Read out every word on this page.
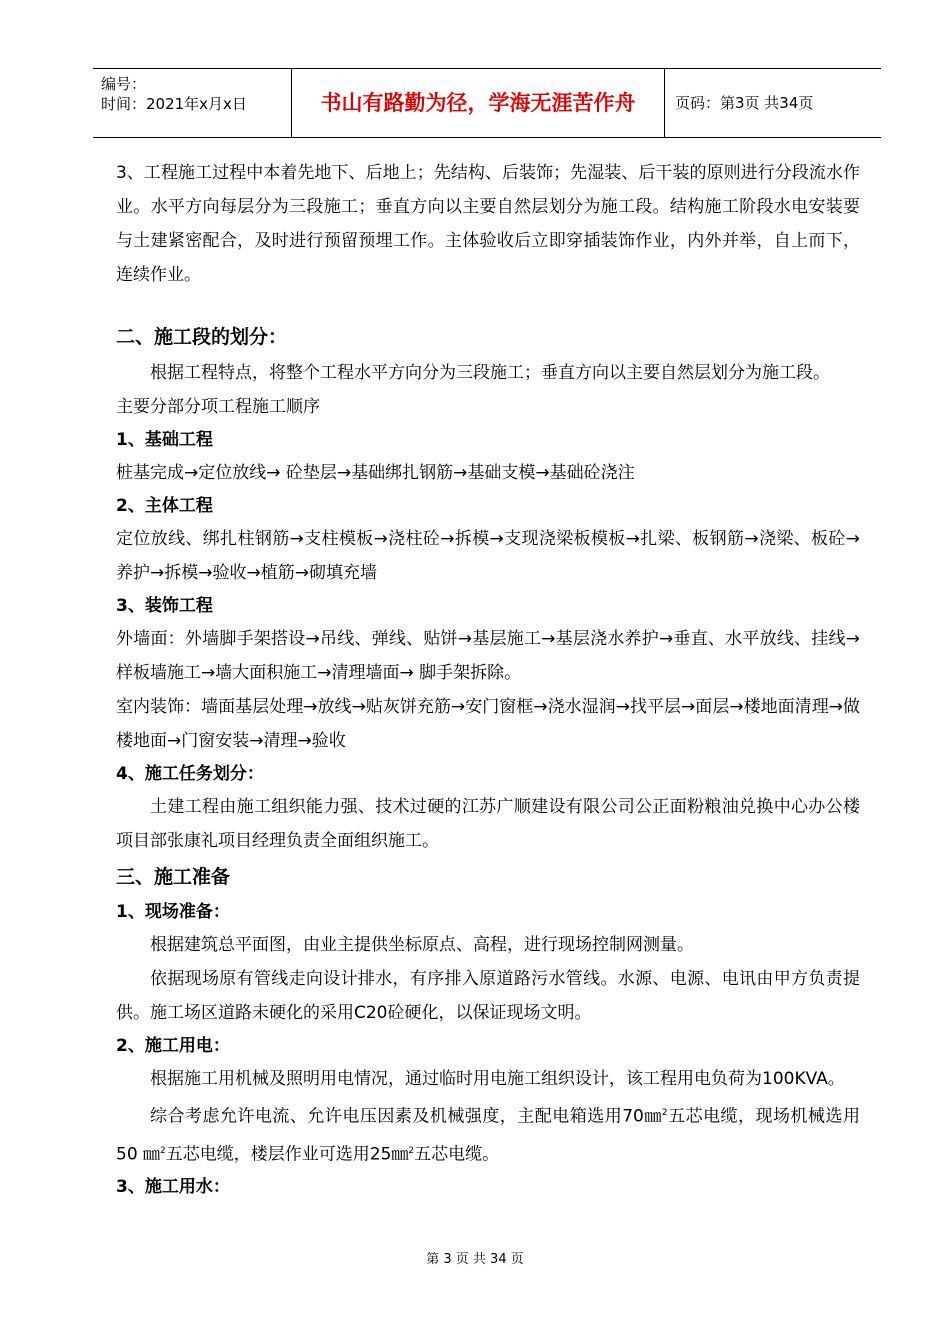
编号：
时间：2021年x月x日	书山有路勤为径，学海无涯苦作舟	页码：第3页 共34页

3、工程施工过程中本着先地下、后地上；先结构、后装饰；先湿装、后干装的原则进行分段流水作业。水平方向每层分为三段施工；垂直方向以主要自然层划分为施工段。结构施工阶段水电安装要与土建紧密配合，及时进行预留预埋工作。主体验收后立即穿插装饰作业，内外并举，自上而下，连续作业。

二、施工段的划分：

根据工程特点，将整个工程水平方向分为三段施工；垂直方向以主要自然层划分为施工段。

主要分部分项工程施工顺序

1、基础工程

桩基完成→定位放线→ 砼垫层→基础绑扎钢筋→基础支模→基础砼浇注

2、主体工程

定位放线、绑扎柱钢筋→支柱模板→浇柱砼→拆模→支现浇梁板模板→扎梁、板钢筋→浇梁、板砼→养护→拆模→验收→植筋→砌填充墙

3、装饰工程

外墙面：外墙脚手架搭设→吊线、弹线、贴饼→基层施工→基层浇水养护→垂直、水平放线、挂线→样板墙施工→墙大面积施工→清理墙面→ 脚手架拆除。

室内装饰：墙面基层处理→放线→贴灰饼充筋→安门窗框→浇水湿润→找平层→面层→楼地面清理→做楼地面→门窗安装→清理→验收

4、施工任务划分：

土建工程由施工组织能力强、技术过硬的江苏广顺建设有限公司公正面粉粮油兑换中心办公楼项目部张康礼项目经理负责全面组织施工。

三、施工准备

1、现场准备：

根据建筑总平面图，由业主提供坐标原点、高程，进行现场控制网测量。

依据现场原有管线走向设计排水，有序排入原道路污水管线。水源、电源、电讯由甲方负责提供。施工场区道路未硬化的采用C20砼硬化，以保证现场文明。

2、施工用电：

根据施工用机械及照明用电情况，通过临时用电施工组织设计，该工程用电负荷为100KVA。

综合考虑允许电流、允许电压因素及机械强度，主配电箱选用70㎜$^2$五芯电缆，现场机械选用50 ㎜$^2$五芯电缆，楼层作业可选用25㎜$^2$五芯电缆。

3、施工用水：

第 3 页 共 34 页
